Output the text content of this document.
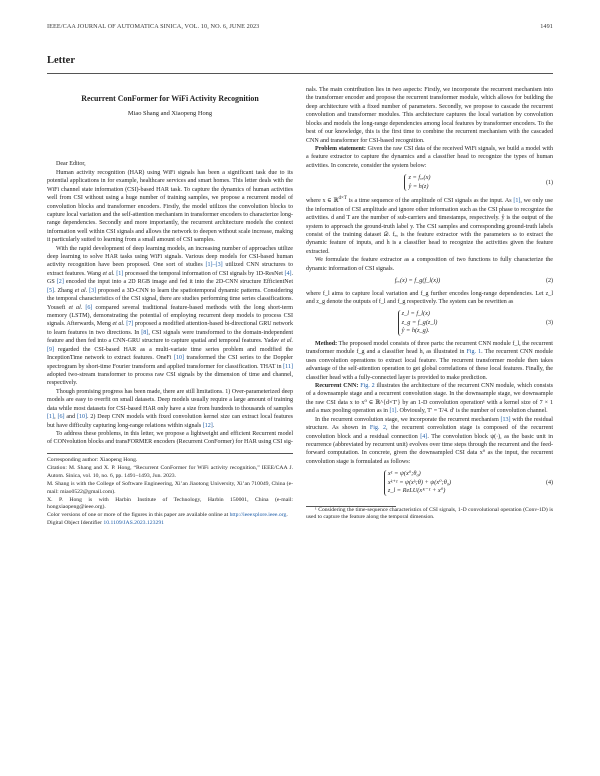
IEEE/CAA JOURNAL OF AUTOMATICA SINICA, VOL. 10, NO. 6, JUNE 2023	1491
Letter
Recurrent ConFormer for WiFi Activity Recognition
Miao Shang and Xiaopeng Hong

Dear Editor,

Human activity recognition (HAR) using WiFi signals has been a significant task due to its potential applications in for example, healthcare services and smart homes. This letter deals with the WiFi channel state information (CSI)-based HAR task. To capture the dynamics of human activities well from CSI without using a huge number of training samples, we propose a recurrent model of convolution blocks and transformer encoders. Firstly, the model utilizes the convolution blocks to capture local variation and the self-attention mechanism in transformer encoders to characterize long-range dependencies. Secondly and more importantly, the recurrent architecture models the context information well within CSI signals and allows the network to deepen without scale increase, making it particularly suited to learning from a small amount of CSI samples.

With the rapid development of deep learning models, an increasing number of approaches utilize deep learning to solve HAR tasks using WiFi signals. Various deep models for CSI-based human activity recognition have been proposed. One sort of studies [1]–[3] utilized CNN structures to extract features. Wang et al. [1] processed the temporal information of CSI signals by 1D-ResNet [4]. GS [2] encoded the input into a 2D RGB image and fed it into the 2D-CNN structure EfficientNet [5]. Zhang et al. [3] proposed a 3D-CNN to learn the spatiotemporal dynamic patterns. Considering the temporal characteristics of the CSI signal, there are studies performing time series classifications. Yousefi et al. [6] compared several traditional feature-based methods with the long short-term memory (LSTM), demonstrating the potential of employing recurrent deep models to process CSI signals. Afterwards, Meng et al. [7] proposed a modified attention-based bi-directional GRU network to learn features in two directions. In [8], CSI signals were transformed to the domain-independent feature and then fed into a CNN-GRU structure to capture spatial and temporal features. Yadav et al. [9] regarded the CSI-based HAR as a multi-variate time series problem and modified the InceptionTime network to extract features. OneFi [10] transformed the CSI series to the Doppler spectrogram by short-time Fourier transform and applied transformer for classification. THAT in [11] adopted two-stream transformer to process raw CSI signals by the dimension of time and channel, respectively.

Though promising progress has been made, there are still limitations. 1) Over-parameterized deep models are easy to overfit on small datasets. Deep models usually require a large amount of training data while most datasets for CSI-based HAR only have a size from hundreds to thousands of samples [1], [6] and [10]. 2) Deep CNN models with fixed convolution kernel size can extract local features but have difficulty capturing long-range relations within signals [12].

To address these problems, in this letter, we propose a lightweight and efficient Recurrent model of CONvolution blocks and transFORMER encoders (Recurrent ConFormer) for HAR using CSI sig-

Corresponding author: Xiaopeng Hong.

Citation: M. Shang and X. P. Hong, “Recurrent ConFormer for WiFi activity recognition,” IEEE/CAA J. Autom. Sinica, vol. 10, no. 6, pp. 1491–1493, Jun. 2023.

M. Shang is with the College of Software Engineering, Xi’an Jiaotong University, Xi’an 710049, China (e-mail: miao0522@gmail.com).

X. P. Hong is with Harbin Institute of Technology, Harbin 150001, China (e-mail: hongxiaopeng@ieee.org).

Color versions of one or more of the figures in this paper are available online at http://ieeexplore.ieee.org.

Digital Object Identifier 10.1109/JAS.2023.123291

nals. The main contribution lies in two aspects: Firstly, we incorporate the recurrent mechanism into the transformer encoder and propose the recurrent transformer module, which allows for building the deep architecture with a fixed number of parameters. Secondly, we propose to cascade the recurrent convolution and transformer modules. This architecture captures the local variation by convolution blocks and models the long-range dependencies among local features by transformer encoders. To the best of our knowledge, this is the first time to combine the recurrent mechanism with the cascaded CNN and transformer for CSI-based recognition.

Problem statement: Given the raw CSI data of the received WiFi signals, we build a model with a feature extractor to capture the dynamics and a classifier head to recognize the types of human activities. In concrete, consider the system below:

z = fₑₓ(x)
ŷ = h(z)
(1)

where x ∈ ℝ$^{d\times T}$ is a time sequence of the amplitude of CSI signals as the input. As [1], we only use the information of CSI amplitude and ignore other information such as the CSI phase to recognize the activities. d and T are the number of sub-carriers and timestamps, respectively. ŷ is the output of the system to approach the ground-truth label y. The CSI samples and corresponding ground-truth labels consist of the training dataset 𝒟. fₑₓ is the feature extractor with the parameters ω to extract the dynamic feature of inputs, and h is a classifier head to recognize the activities given the feature extracted.

We formulate the feature extractor as a composition of two functions to fully characterize the dynamic information of CSI signals.

fₑₓ(x) = f_g(f_l(x))	(2)

where f_l aims to capture local variation and f_g further encodes long-range dependencies. Let z_l and z_g denote the outputs of f_l and f_g respectively. The system can be rewritten as

z_l = f_l(x)
z_g = f_g(z_l)
ŷ = h(z_g).
(3)

Method: The proposed model consists of three parts: the recurrent CNN module f_l, the recurrent transformer module f_g and a classifier head h, as illustrated in Fig. 1. The recurrent CNN module uses convolution operations to extract local feature. The recurrent transformer module then takes advantage of the self-attention operation to get global correlations of these local features. Finally, the classifier head with a fully-connected layer is provided to make prediction.

Recurrent CNN: Fig. 2 illustrates the architecture of the recurrent CNN module, which consists of a downsample stage and a recurrent convolution stage. In the downsample stage, we downsample the raw CSI data x to x⁰ ∈ ℝ^{d×T′} by an 1-D convolution operation¹ with a kernel size of 7 × 1 and a max pooling operation as in [1]. Obviously, T′ = T/4. d′ is the number of convolution channel.

In the recurrent convolution stage, we incorporate the recurrent mechanism [13] with the residual structure. As shown in Fig. 2, the recurrent convolution stage is composed of the recurrent convolution block and a residual connection [4]. The convolution block ψ(·), as the basic unit in recurrence (abbreviated by recurrent unit) evolves over time steps through the recurrent and the feed-forward computation. In concrete, given the downsampled CSI data x⁰ as the input, the recurrent convolution stage is formulated as follows:

x¹ = ψ(x⁰;θ₀)
xᵏ⁺¹ = ψ(xᵏ;θ) + ψ(x⁰;θ₀)
z_l = ReLU(xᴷ⁻¹ + x⁰)
(4)

¹ Considering the time-sequence characteristics of CSI signals, 1-D convolutional operation (Conv-1D) is used to capture the feature along the temporal dimension.
